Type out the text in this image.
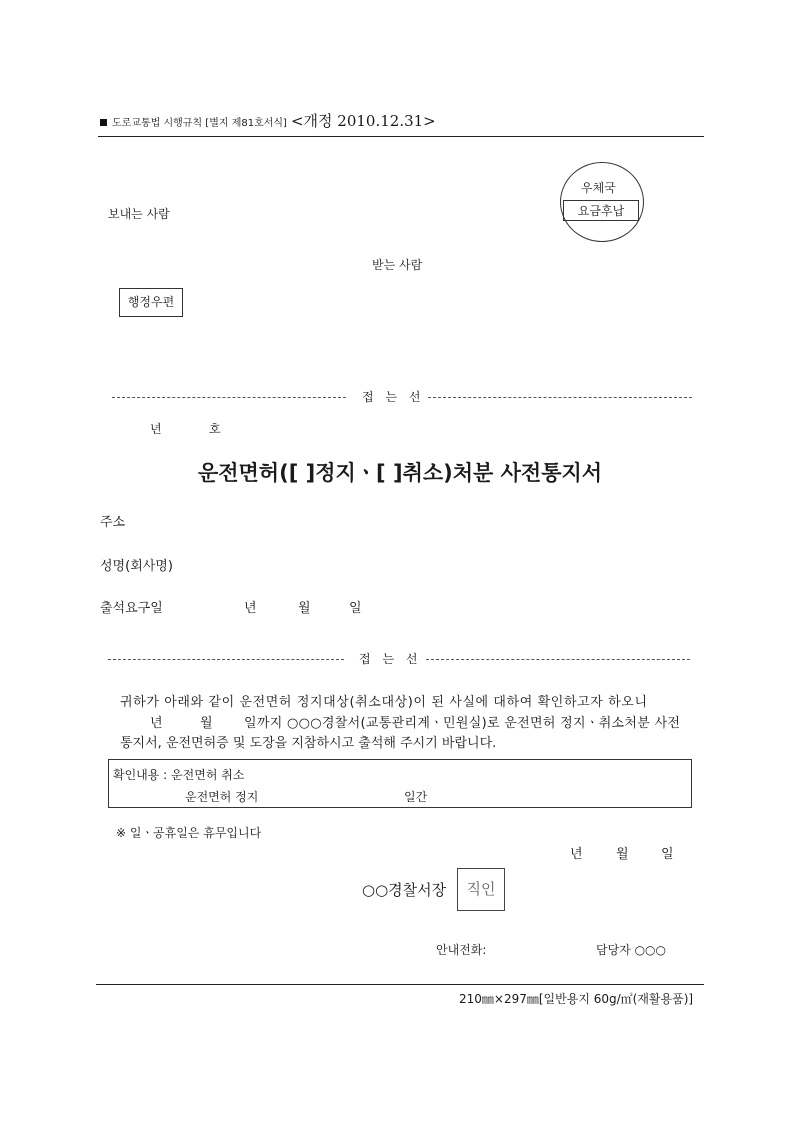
도로교통법 시행규칙 [별지 제81호서식] <개정 2010.12.31>
우체국
요금후납
보내는 사람
받는 사람
행정우편
접 는 선
년	호
운전면허([ ]정지ㆍ[ ]취소)처분 사전통지서
주소
성명(회사명)
출석요구일	년	월	일
접 는 선
귀하가 아래와 같이 운전면허 정지대상(취소대상)이 된 사실에 대하여 확인하고자 하오니
년	월 일까지 ○○○경찰서(교통관리계ㆍ민원실)로 운전면허 정지ㆍ취소처분 사전
통지서, 운전면허증 및 도장을 지참하시고 출석해 주시기 바랍니다.
확인내용 : 운전면허 취소
운전면허 정지	일간
※ 일ㆍ공휴일은 휴무입니다
년	월 일
○○경찰서장	직인
안내전화:	담당자 ○○○
210㎜×297㎜[일반용지 60g/㎡(재활용품)]
